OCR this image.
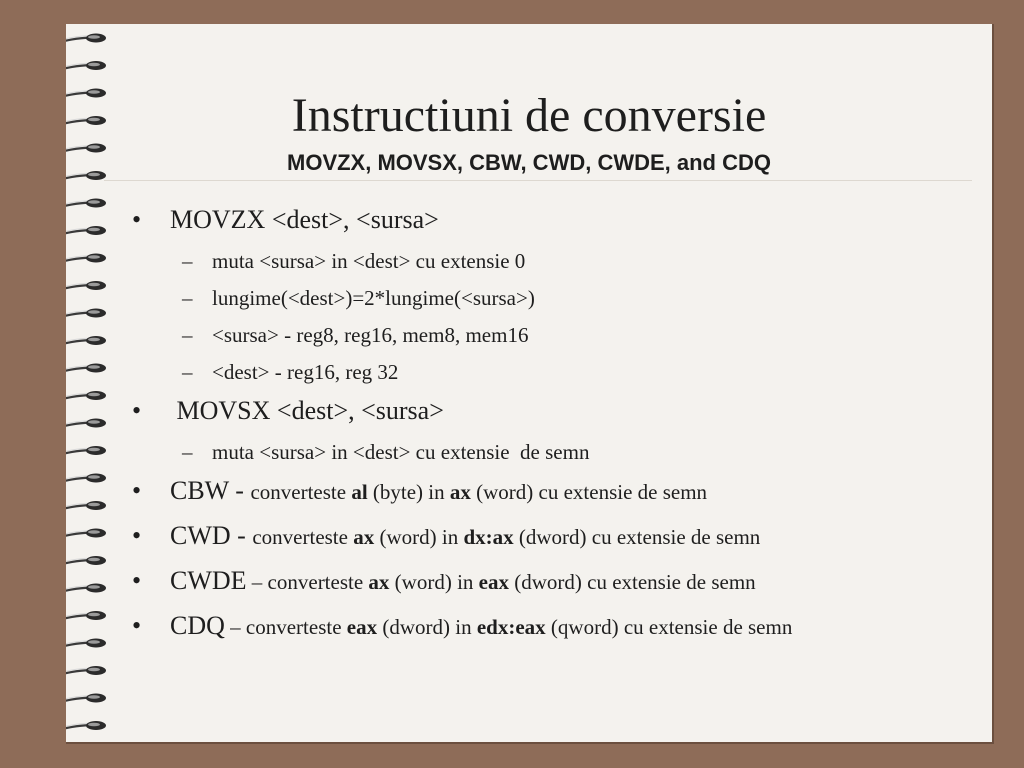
Instructiuni de conversie
MOVZX, MOVSX, CBW, CWD, CWDE, and CDQ
• MOVZX <dest>, <sursa>
– muta <sursa> in <dest> cu extensie 0
– lungime(<dest>)=2*lungime(<sursa>)
– <sursa> - reg8, reg16, mem8, mem16
– <dest> - reg16, reg 32
• MOVSX <dest>, <sursa>
– muta <sursa> in <dest> cu extensie  de semn
• CBW - converteste al (byte) in ax (word) cu extensie de semn
• CWD - converteste ax (word) in dx:ax (dword) cu extensie de semn
• CWDE – converteste ax (word) in eax (dword) cu extensie de semn
• CDQ – converteste eax (dword) in edx:eax (qword) cu extensie de semn
